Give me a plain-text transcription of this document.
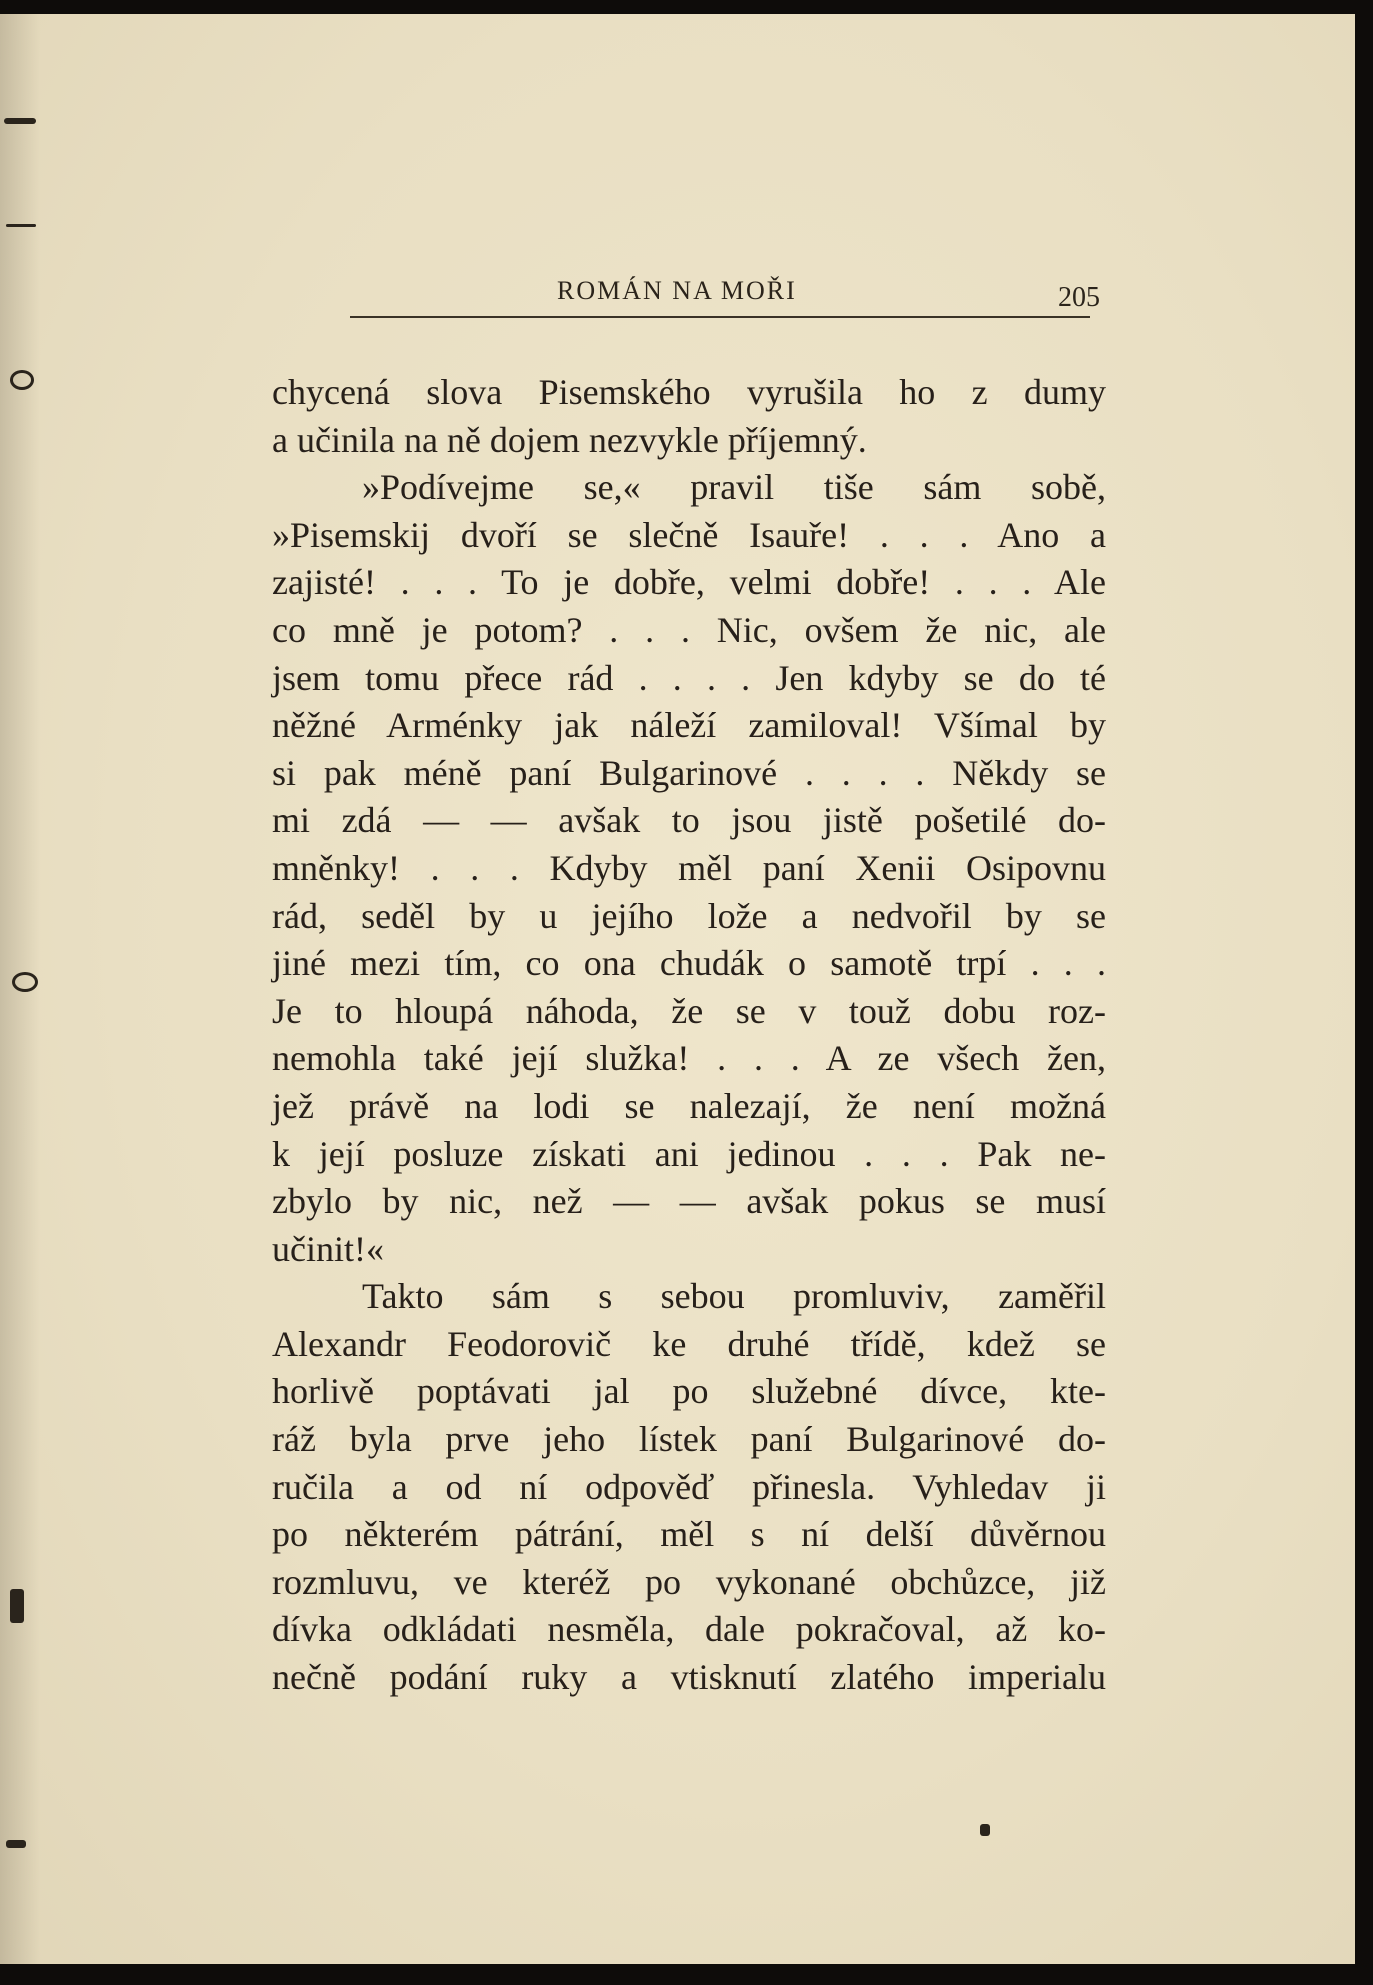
ROMÁN NA MOŘI	205
chycená slova Pisemského vyrušila ho z dumy
a učinila na ně dojem nezvykle příjemný.
»Podívejme se,« pravil tiše sám sobě,
»Pisemskij dvoří se slečně Isauře! . . . Ano a
zajisté! . . . To je dobře, velmi dobře! . . . Ale
co mně je potom? . . . Nic, ovšem že nic, ale
jsem tomu přece rád . . . . Jen kdyby se do té
něžné Arménky jak náleží zamiloval! Všímal by
si pak méně paní Bulgarinové . . . . Někdy se
mi zdá — — avšak to jsou jistě pošetilé do-
mněnky! . . . Kdyby měl paní Xenii Osipovnu
rád, seděl by u jejího lože a nedvořil by se
jiné mezi tím, co ona chudák o samotě trpí . . .
Je to hloupá náhoda, že se v touž dobu roz-
nemohla také její služka! . . . A ze všech žen,
jež právě na lodi se nalezají, že není možná
k její posluze získati ani jedinou . . . Pak ne-
zbylo by nic, než — — avšak pokus se musí
učinit!«
Takto sám s sebou promluviv, zaměřil
Alexandr Feodorovič ke druhé třídě, kdež se
horlivě poptávati jal po služebné dívce, kte-
ráž byla prve jeho lístek paní Bulgarinové do-
ručila a od ní odpověď přinesla. Vyhledav ji
po některém pátrání, měl s ní delší důvěrnou
rozmluvu, ve kteréž po vykonané obchůzce, již
dívka odkládati nesměla, dale pokračoval, až ko-
nečně podání ruky a vtisknutí zlatého imperialu
